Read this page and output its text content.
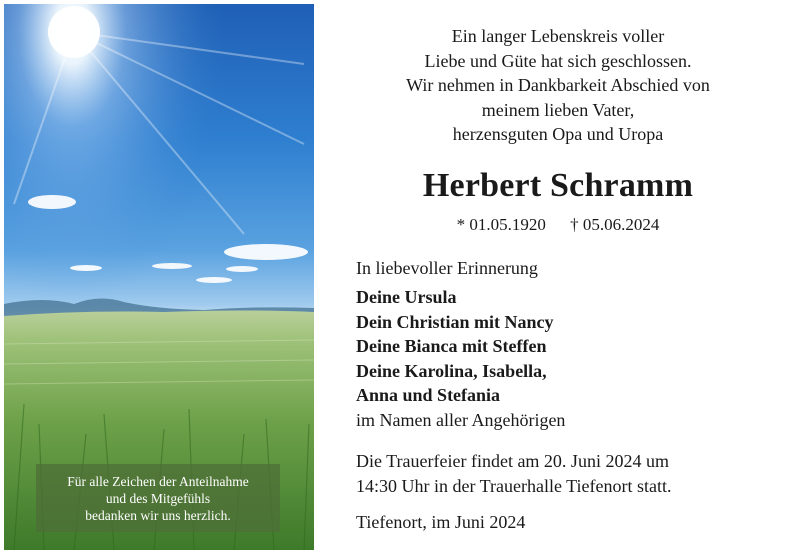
Für alle Zeichen der Anteilnahme
und des Mitgefühls
bedanken wir uns herzlich.
Ein langer Lebenskreis voller
Liebe und Güte hat sich geschlossen.
Wir nehmen in Dankbarkeit Abschied von
meinem lieben Vater,
herzensguten Opa und Uropa
Herbert Schramm
* 01.05.1920 † 05.06.2024
In liebevoller Erinnerung
Deine Ursula
Dein Christian mit Nancy
Deine Bianca mit Steffen
Deine Karolina, Isabella,
Anna und Stefania
im Namen aller Angehörigen
Die Trauerfeier findet am 20. Juni 2024 um
14:30 Uhr in der Trauerhalle Tiefenort statt.
Tiefenort, im Juni 2024
